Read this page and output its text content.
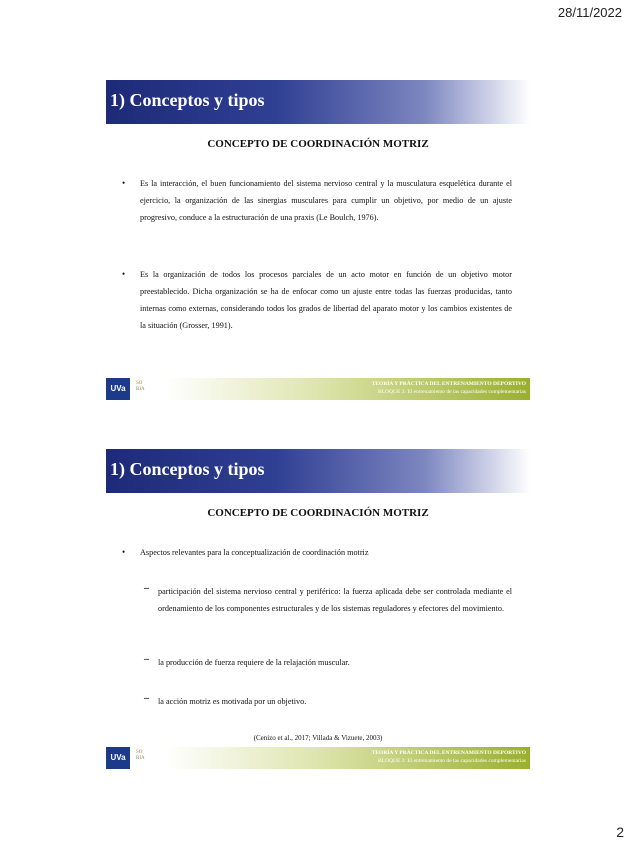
28/11/2022
1) Conceptos y tipos
CONCEPTO DE COORDINACIÓN MOTRIZ
• Es la interacción, el buen funcionamiento del sistema nervioso central y la musculatura esquelética durante el ejercicio, la organización de las sinergias musculares para cumplir un objetivo, por medio de un ajuste progresivo, conduce a la estructuración de una praxis (Le Boulch, 1976).
• Es la organización de todos los procesos parciales de un acto motor en función de un objetivo motor preestablecido. Dicha organización se ha de enfocar como un ajuste entre todas las fuerzas producidas, tanto internas como externas, considerando todos los grados de libertad del aparato motor y los cambios existentes de la situación (Grosser, 1991).
UVa
SO
RIA
TEORÍA Y PRÁCTICA DEL ENTRENAMIENTO DEPORTIVO
BLOQUE 3: El entrenamiento de las capacidades complementarias
1) Conceptos y tipos
CONCEPTO DE COORDINACIÓN MOTRIZ
• Aspectos relevantes para la conceptualización de coordinación motriz
– participación del sistema nervioso central y periférico: la fuerza aplicada debe ser controlada mediante el ordenamiento de los componentes estructurales y de los sistemas reguladores y efectores del movimiento.
– la producción de fuerza requiere de la relajación muscular.
– la acción motriz es motivada por un objetivo.
(Cenizo et al., 2017; Villada & Vizuete, 2003)
UVa
SO
RIA
TEORÍA Y PRÁCTICA DEL ENTRENAMIENTO DEPORTIVO
BLOQUE 3: El entrenamiento de las capacidades complementarias
2
